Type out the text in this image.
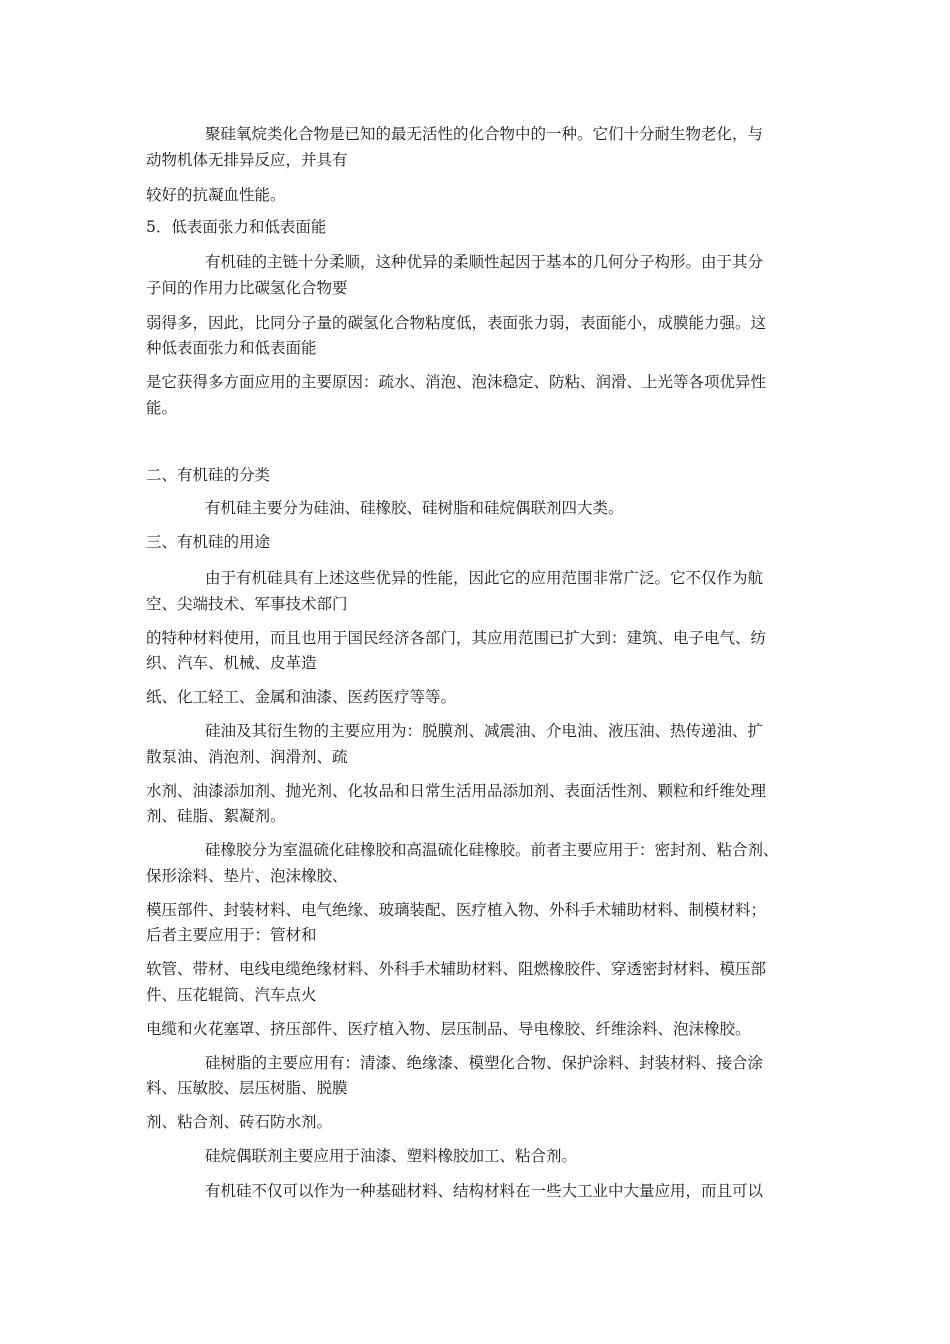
聚硅氧烷类化合物是已知的最无活性的化合物中的一种。它们十分耐生物老化，与
动物机体无排异反应，并具有
较好的抗凝血性能。
5．低表面张力和低表面能
有机硅的主链十分柔顺，这种优异的柔顺性起因于基本的几何分子构形。由于其分
子间的作用力比碳氢化合物要
弱得多，因此，比同分子量的碳氢化合物粘度低，表面张力弱，表面能小，成膜能力强。这
种低表面张力和低表面能
是它获得多方面应用的主要原因：疏水、消泡、泡沫稳定、防粘、润滑、上光等各项优异性
能。
二、有机硅的分类
有机硅主要分为硅油、硅橡胶、硅树脂和硅烷偶联剂四大类。
三、有机硅的用途
由于有机硅具有上述这些优异的性能，因此它的应用范围非常广泛。它不仅作为航
空、尖端技术、军事技术部门
的特种材料使用，而且也用于国民经济各部门，其应用范围已扩大到：建筑、电子电气、纺
织、汽车、机械、皮革造
纸、化工轻工、金属和油漆、医药医疗等等。
硅油及其衍生物的主要应用为：脱膜剂、减震油、介电油、液压油、热传递油、扩
散泵油、消泡剂、润滑剂、疏
水剂、油漆添加剂、抛光剂、化妆品和日常生活用品添加剂、表面活性剂、颗粒和纤维处理
剂、硅脂、絮凝剂。
硅橡胶分为室温硫化硅橡胶和高温硫化硅橡胶。前者主要应用于：密封剂、粘合剂、
保形涂料、垫片、泡沫橡胶、
模压部件、封装材料、电气绝缘、玻璃装配、医疗植入物、外科手术辅助材料、制模材料；
后者主要应用于：管材和
软管、带材、电线电缆绝缘材料、外科手术辅助材料、阻燃橡胶件、穿透密封材料、模压部
件、压花辊筒、汽车点火
电缆和火花塞罩、挤压部件、医疗植入物、层压制品、导电橡胶、纤维涂料、泡沫橡胶。
硅树脂的主要应用有：清漆、绝缘漆、模塑化合物、保护涂料、封装材料、接合涂
料、压敏胶、层压树脂、脱膜
剂、粘合剂、砖石防水剂。
硅烷偶联剂主要应用于油漆、塑料橡胶加工、粘合剂。
有机硅不仅可以作为一种基础材料、结构材料在一些大工业中大量应用，而且可以
